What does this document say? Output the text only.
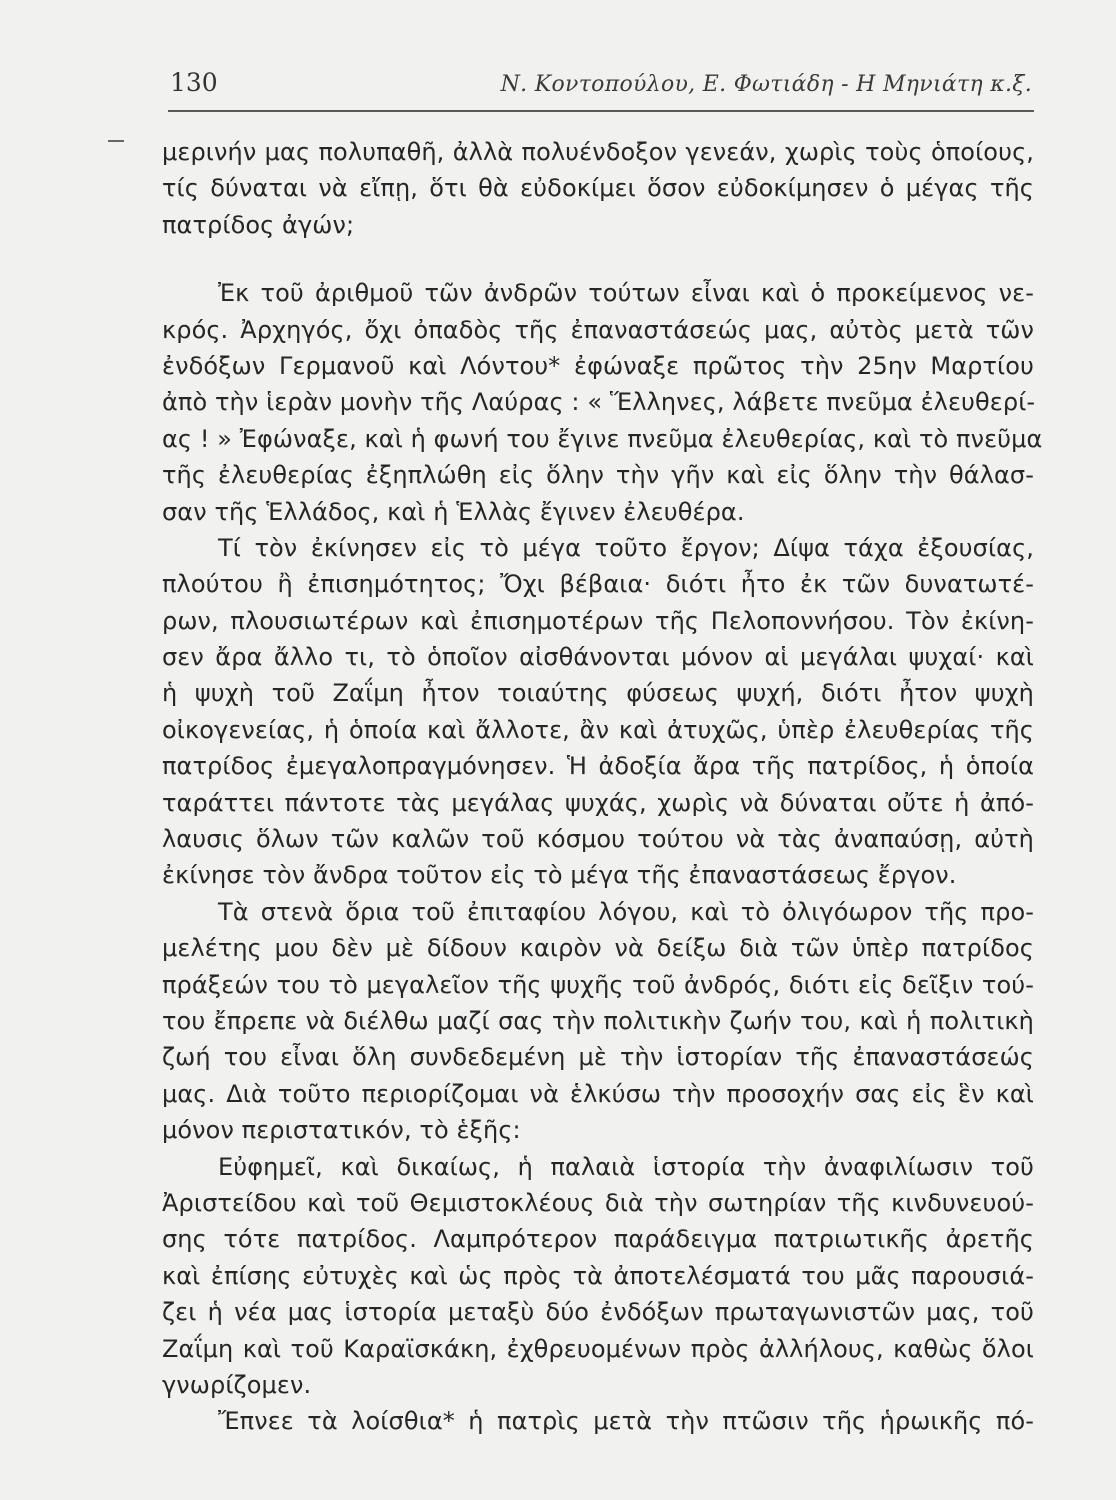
130	Ν. Κοντοπούλου, Ε. Φωτιάδη - Η Μηνιάτη κ.ξ.
μερινήν μας πολυπαθῆ, ἀλλὰ πολυένδοξον γενεάν, χωρὶς τοὺς ὁποίους,
τίς δύναται νὰ εἴπῃ, ὅτι θὰ εὐδοκίμει ὅσον εὐδοκίμησεν ὁ μέγας τῆς
πατρίδος ἀγών;
Ἐκ τοῦ ἀριθμοῦ τῶν ἀνδρῶν τούτων εἶναι καὶ ὁ προκείμενος νε-
κρός. Ἀρχηγός, ὄχι ὀπαδὸς τῆς ἐπαναστάσεώς μας, αὐτὸς μετὰ τῶν
ἐνδόξων Γερμανοῦ καὶ Λόντου* ἐφώναξε πρῶτος τὴν 25ην Μαρτίου
ἀπὸ τὴν ἱερὰν μονὴν τῆς Λαύρας : « Ἕλληνες, λάβετε πνεῦμα ἐλευθερί-
ας ! » Ἐφώναξε, καὶ ἡ φωνή του ἔγινε πνεῦμα ἐλευθερίας, καὶ τὸ πνεῦμα
τῆς ἐλευθερίας ἐξηπλώθη εἰς ὅλην τὴν γῆν καὶ εἰς ὅλην τὴν θάλασ-
σαν τῆς Ἑλλάδος, καὶ ἡ Ἑλλὰς ἔγινεν ἐλευθέρα.
Τί τὸν ἐκίνησεν εἰς τὸ μέγα τοῦτο ἔργον; Δίψα τάχα ἐξουσίας,
πλούτου ἢ ἐπισημότητος; Ὄχι βέβαια· διότι ἦτο ἐκ τῶν δυνατωτέ-
ρων, πλουσιωτέρων καὶ ἐπισημοτέρων τῆς Πελοποννήσου. Τὸν ἐκίνη-
σεν ἄρα ἄλλο τι, τὸ ὁποῖον αἰσθάνονται μόνον αἱ μεγάλαι ψυχαί· καὶ
ἡ ψυχὴ τοῦ Ζαΐμη ἦτον τοιαύτης φύσεως ψυχή, διότι ἦτον ψυχὴ
οἰκογενείας, ἡ ὁποία καὶ ἄλλοτε, ἂν καὶ ἀτυχῶς, ὑπὲρ ἐλευθερίας τῆς
πατρίδος ἐμεγαλοπραγμόνησεν. Ἡ ἀδοξία ἄρα τῆς πατρίδος, ἡ ὁποία
ταράττει πάντοτε τὰς μεγάλας ψυχάς, χωρὶς νὰ δύναται οὔτε ἡ ἀπό-
λαυσις ὅλων τῶν καλῶν τοῦ κόσμου τούτου νὰ τὰς ἀναπαύσῃ, αὐτὴ
ἐκίνησε τὸν ἄνδρα τοῦτον εἰς τὸ μέγα τῆς ἐπαναστάσεως ἔργον.
Τὰ στενὰ ὅρια τοῦ ἐπιταφίου λόγου, καὶ τὸ ὀλιγόωρον τῆς προ-
μελέτης μου δὲν μὲ δίδουν καιρὸν νὰ δείξω διὰ τῶν ὑπὲρ πατρίδος
πράξεών του τὸ μεγαλεῖον τῆς ψυχῆς τοῦ ἀνδρός, διότι εἰς δεῖξιν τού-
του ἔπρεπε νὰ διέλθω μαζί σας τὴν πολιτικὴν ζωήν του, καὶ ἡ πολιτικὴ
ζωή του εἶναι ὅλη συνδεδεμένη μὲ τὴν ἱστορίαν τῆς ἐπαναστάσεώς
μας. Διὰ τοῦτο περιορίζομαι νὰ ἑλκύσω τὴν προσοχήν σας εἰς ἓν καὶ
μόνον περιστατικόν, τὸ ἑξῆς:
Εὐφημεῖ, καὶ δικαίως, ἡ παλαιὰ ἱστορία τὴν ἀναφιλίωσιν τοῦ
Ἀριστείδου καὶ τοῦ Θεμιστοκλέους διὰ τὴν σωτηρίαν τῆς κινδυνευού-
σης τότε πατρίδος. Λαμπρότερον παράδειγμα πατριωτικῆς ἀρετῆς
καὶ ἐπίσης εὐτυχὲς καὶ ὡς πρὸς τὰ ἀποτελέσματά του μᾶς παρουσιά-
ζει ἡ νέα μας ἱστορία μεταξὺ δύο ἐνδόξων πρωταγωνιστῶν μας, τοῦ
Ζαΐμη καὶ τοῦ Καραϊσκάκη, ἐχθρευομένων πρὸς ἀλλήλους, καθὼς ὅλοι
γνωρίζομεν.
Ἔπνεε τὰ λοίσθια* ἡ πατρὶς μετὰ τὴν πτῶσιν τῆς ἡρωικῆς πό-
